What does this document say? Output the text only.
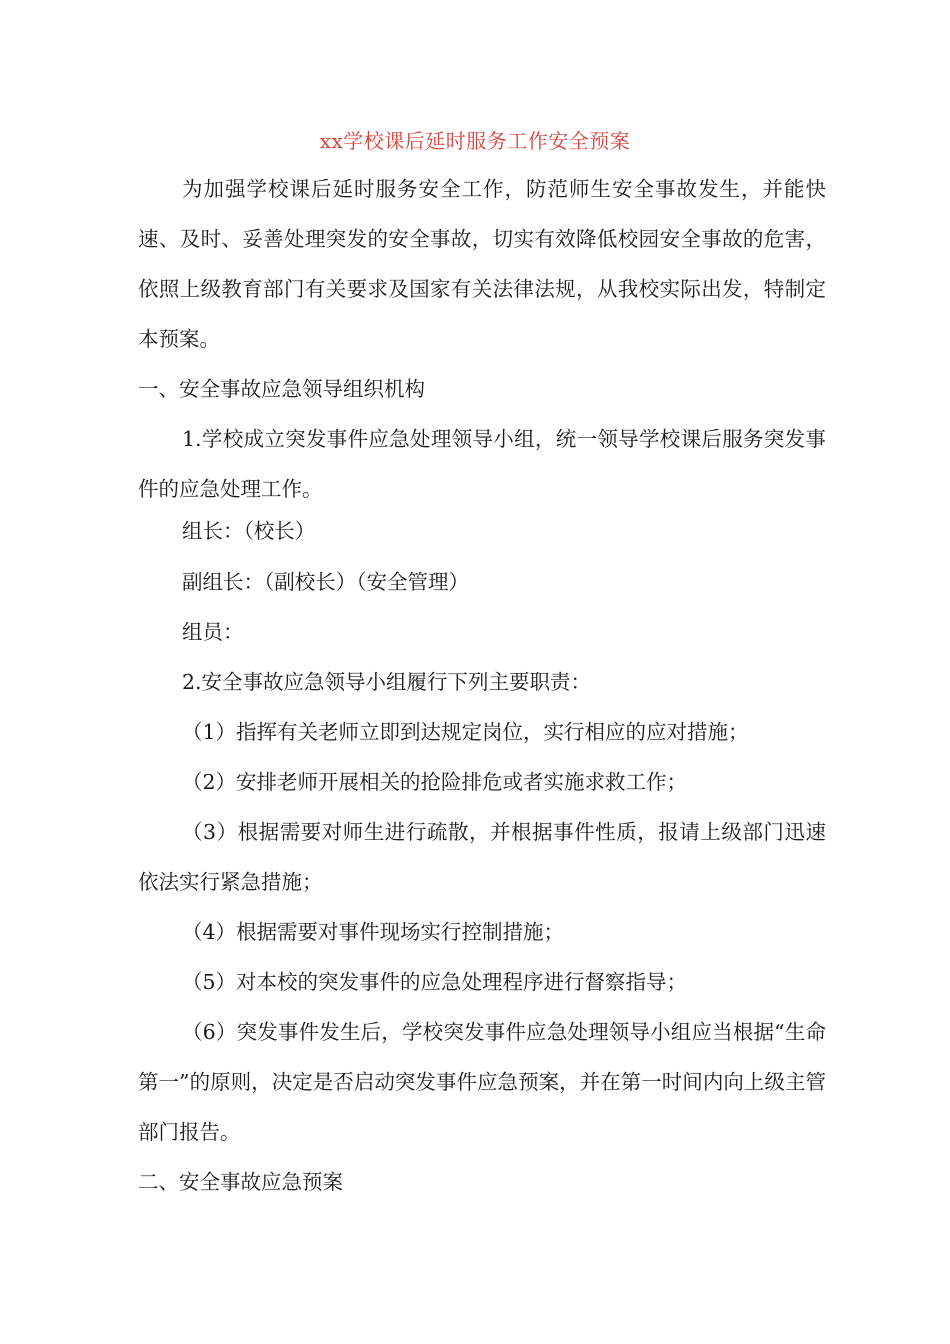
xx学校课后延时服务工作安全预案
为加强学校课后延时服务安全工作，防范师生安全事故发生，并能快速、及时、妥善处理突发的安全事故，切实有效降低校园安全事故的危害，依照上级教育部门有关要求及国家有关法律法规，从我校实际出发，特制定本预案。
一、安全事故应急领导组织机构
1.学校成立突发事件应急处理领导小组，统一领导学校课后服务突发事件的应急处理工作。
组长：（校长）
副组长：（副校长）（安全管理）
组员：
2.安全事故应急领导小组履行下列主要职责：
（1）指挥有关老师立即到达规定岗位，实行相应的应对措施；
（2）安排老师开展相关的抢险排危或者实施求救工作；
（3）根据需要对师生进行疏散，并根据事件性质，报请上级部门迅速依法实行紧急措施；
（4）根据需要对事件现场实行控制措施；
（5）对本校的突发事件的应急处理程序进行督察指导；
（6）突发事件发生后，学校突发事件应急处理领导小组应当根据“生命第一”的原则，决定是否启动突发事件应急预案，并在第一时间内向上级主管部门报告。
二、安全事故应急预案
